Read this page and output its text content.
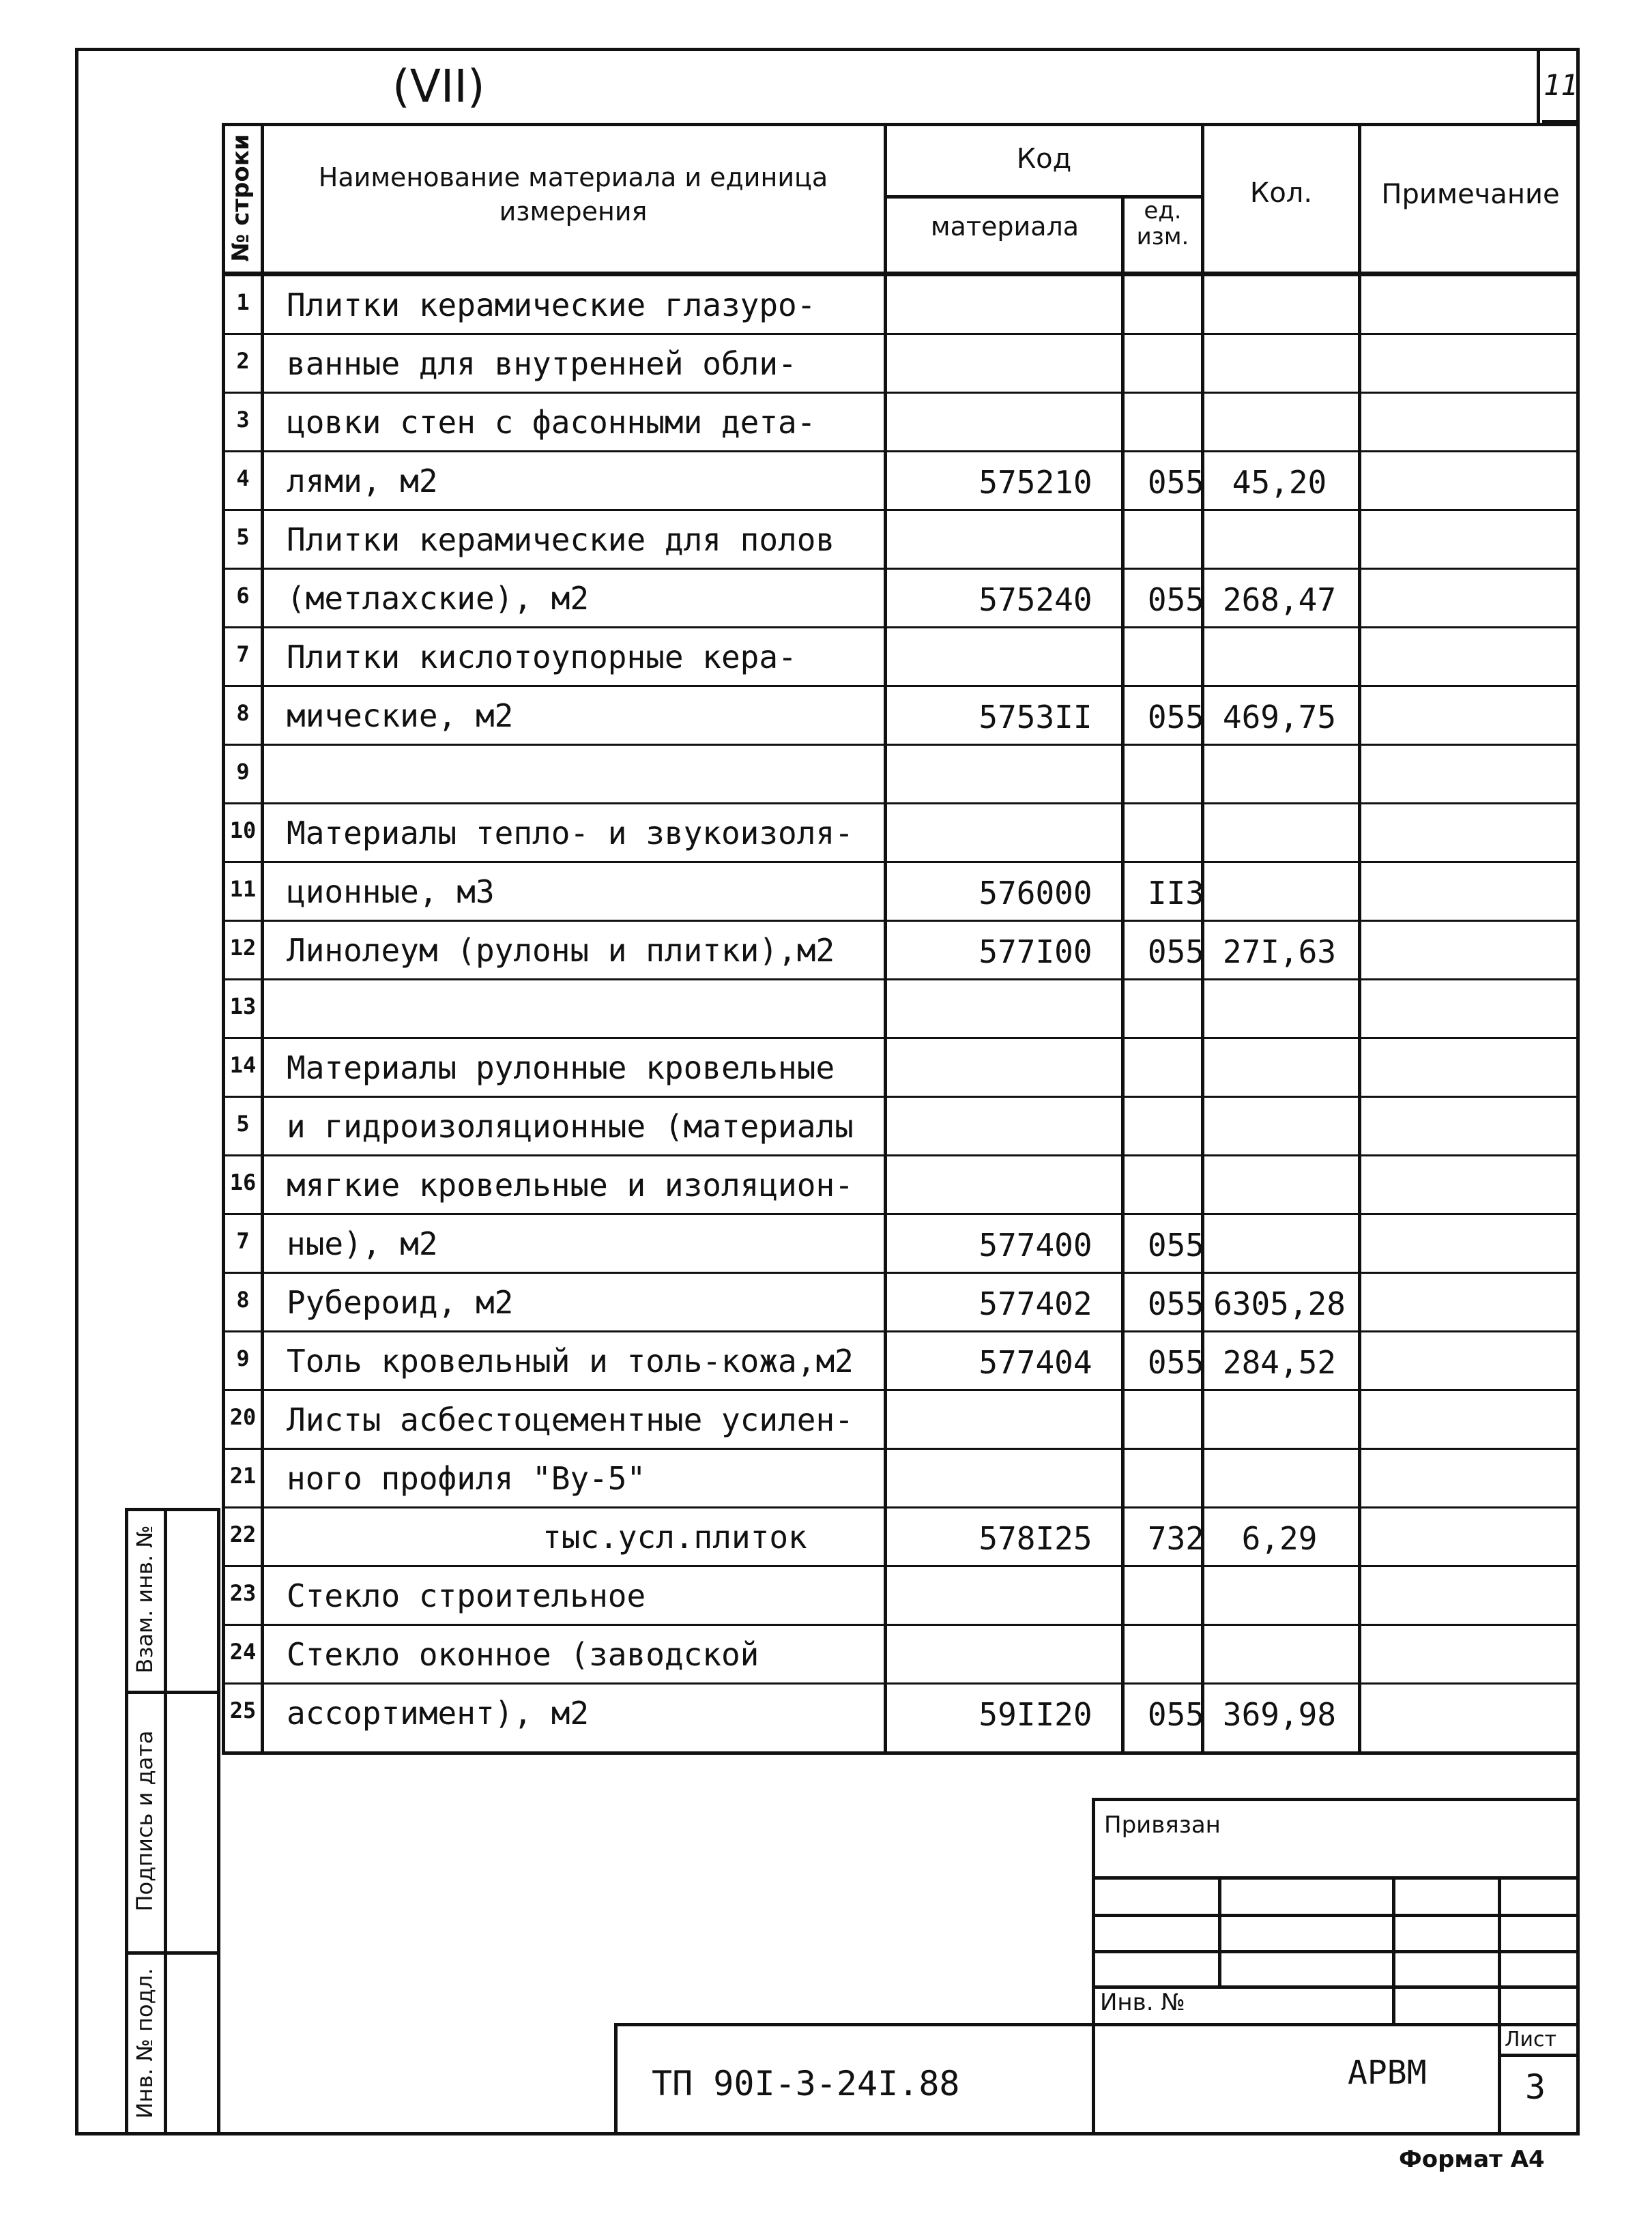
(VII)	11
№ строки	Наименование материала и единица измерения
Код
материала
ед. изм.
Кол.	Примечание
1	Плитки керамические глазуро-
2	ванные для внутренней обли-
3	цовки стен с фасонными дета-
4	лями, м2	575210	055 45,20
5	Плитки керамические для полов
6	(метлахские), м2	575240	055 268,47
7	Плитки кислотоупорные кера-
8	мические, м2	5753II	055 469,75
9
10 Материалы тепло- и звукоизоля-
11 ционные, м3	576000	II3
12 Линолеум (рулоны и плитки),м2	577I00	055 27I,63
13
14 Материалы рулонные кровельные
5	и гидроизоляционные (материалы
16 мягкие кровельные и изоляцион-
7	ные), м2	577400	055
8	Рубероид, м2	577402	055 6305,28
9	Толь кровельный и толь-кожа,м2	577404	055 284,52
20 Листы асбестоцементные усилен-
21 ного профиля "Ву-5"
22	тыс.усл.плиток	578I25	732	6,29
23 Стекло строительное
24 Стекло оконное (заводской
25 ассортимент), м2	59II20	055 369,98
Взам. инв. №
Подпись и дата
Инв. № подл.
Привязан
Инв. №
ТП 90I-3-24I.88	АРВМ
Лист
3
Формат А4
